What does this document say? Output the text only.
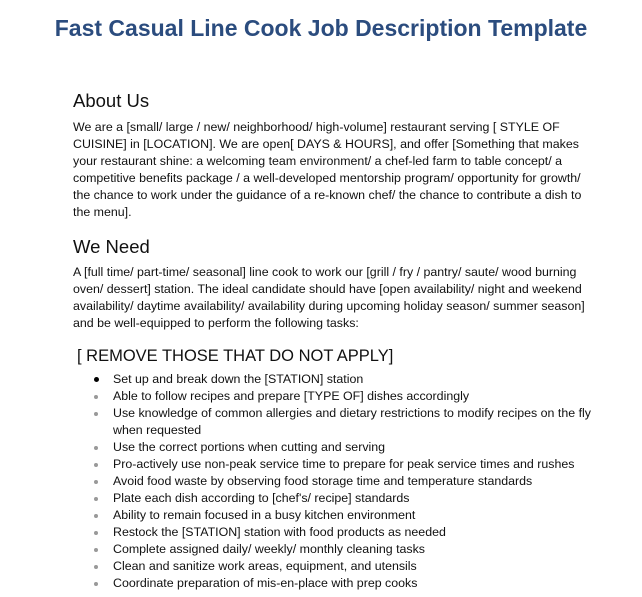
Fast Casual Line Cook Job Description Template
About Us

We are a [small/ large / new/ neighborhood/ high-volume] restaurant serving [ STYLE OF CUISINE] in [LOCATION]. We are open[ DAYS & HOURS], and offer [Something that makes your restaurant shine: a welcoming team environment/ a chef-led farm to table concept/ a competitive benefits package / a well-developed mentorship program/ opportunity for growth/ the chance to work under the guidance of a re-known chef/ the chance to contribute a dish to the menu].

We Need

A [full time/ part-time/ seasonal] line cook to work our [grill / fry / pantry/ saute/ wood burning oven/ dessert] station. The ideal candidate should have [open availability/ night and weekend availability/ daytime availability/ availability during upcoming holiday season/ summer season] and be well-equipped to perform the following tasks:

[ REMOVE THOSE THAT DO NOT APPLY]
Set up and break down the [STATION] station
Able to follow recipes and prepare [TYPE OF] dishes accordingly
Use knowledge of common allergies and dietary restrictions to modify recipes on the fly when requested
Use the correct portions when cutting and serving
Pro-actively use non-peak service time to prepare for peak service times and rushes
Avoid food waste by observing food storage time and temperature standards
Plate each dish according to [chef's/ recipe] standards
Ability to remain focused in a busy kitchen environment
Restock the [STATION] station with food products as needed
Complete assigned daily/ weekly/ monthly cleaning tasks
Clean and sanitize work areas, equipment, and utensils
Coordinate preparation of mis-en-place with prep cooks
